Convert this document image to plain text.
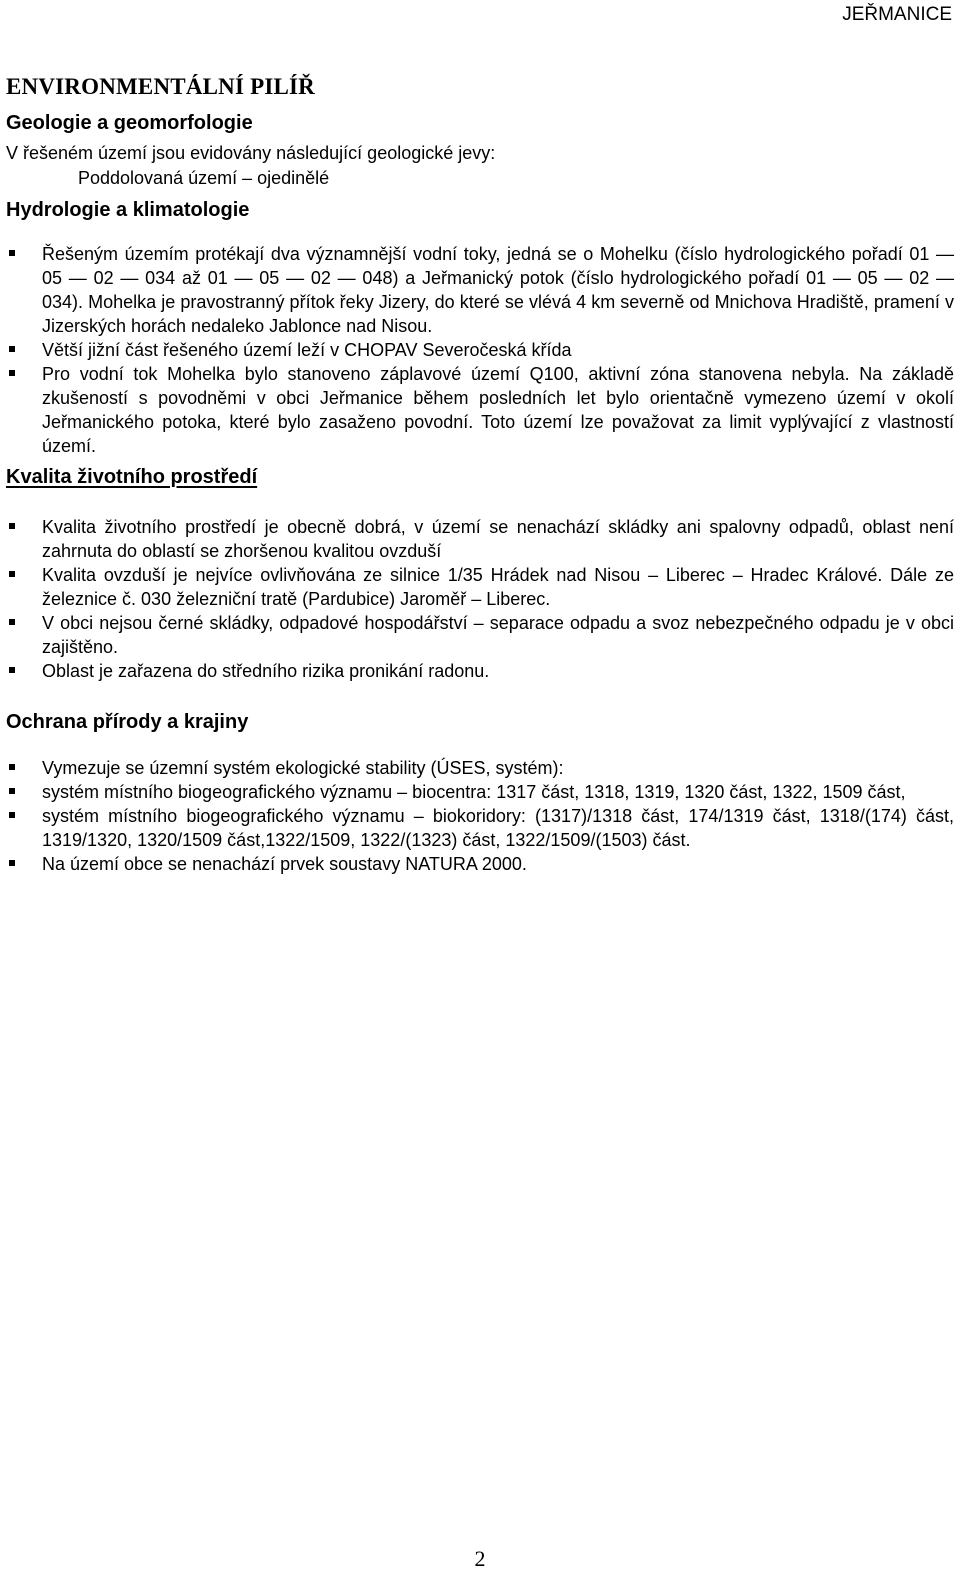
JEŘMANICE
ENVIRONMENTÁLNÍ PILÍŘ
Geologie a geomorfologie

V řešeném území jsou evidovány následující geologické jevy:

Poddolovaná území – ojedinělé

Hydrologie a klimatologie
Řešeným územím protékají dva významnější vodní toky, jedná se o Mohelku (číslo hydrologického pořadí 01 — 05 — 02 — 034 až 01 — 05 — 02 — 048) a Jeřmanický potok (číslo hydrologického pořadí 01 — 05 — 02 — 034). Mohelka je pravostranný přítok řeky Jizery, do které se vlévá 4 km severně od Mnichova Hradiště, pramení v Jizerských horách nedaleko Jablonce nad Nisou.
Větší jižní část řešeného území leží v CHOPAV Severočeská křída
Pro vodní tok Mohelka bylo stanoveno záplavové území Q100, aktivní zóna stanovena nebyla. Na základě zkušeností s povodněmi v obci Jeřmanice během posledních let bylo orientačně vymezeno území v okolí Jeřmanického potoka, které bylo zasaženo povodní. Toto území lze považovat za limit vyplývající z vlastností území.
Kvalita životního prostředí
Kvalita životního prostředí je obecně dobrá, v území se nenachází skládky ani spalovny odpadů, oblast není zahrnuta do oblastí se zhoršenou kvalitou ovzduší
Kvalita ovzduší je nejvíce ovlivňována ze silnice 1/35 Hrádek nad Nisou – Liberec – Hradec Králové. Dále ze železnice č. 030 železniční tratě (Pardubice) Jaroměř – Liberec.
V obci nejsou černé skládky, odpadové hospodářství – separace odpadu a svoz nebezpečného odpadu je v obci zajištěno.
Oblast je zařazena do středního rizika pronikání radonu.
Ochrana přírody a krajiny
Vymezuje se územní systém ekologické stability (ÚSES, systém):
systém místního biogeografického významu – biocentra: 1317 část, 1318, 1319, 1320 část, 1322, 1509 část,
systém místního biogeografického významu – biokoridory: (1317)/1318 část, 174/1319 část, 1318/(174) část, 1319/1320, 1320/1509 část,1322/1509, 1322/(1323) část, 1322/1509/(1503) část.
Na území obce se nenachází prvek soustavy NATURA 2000.
2
